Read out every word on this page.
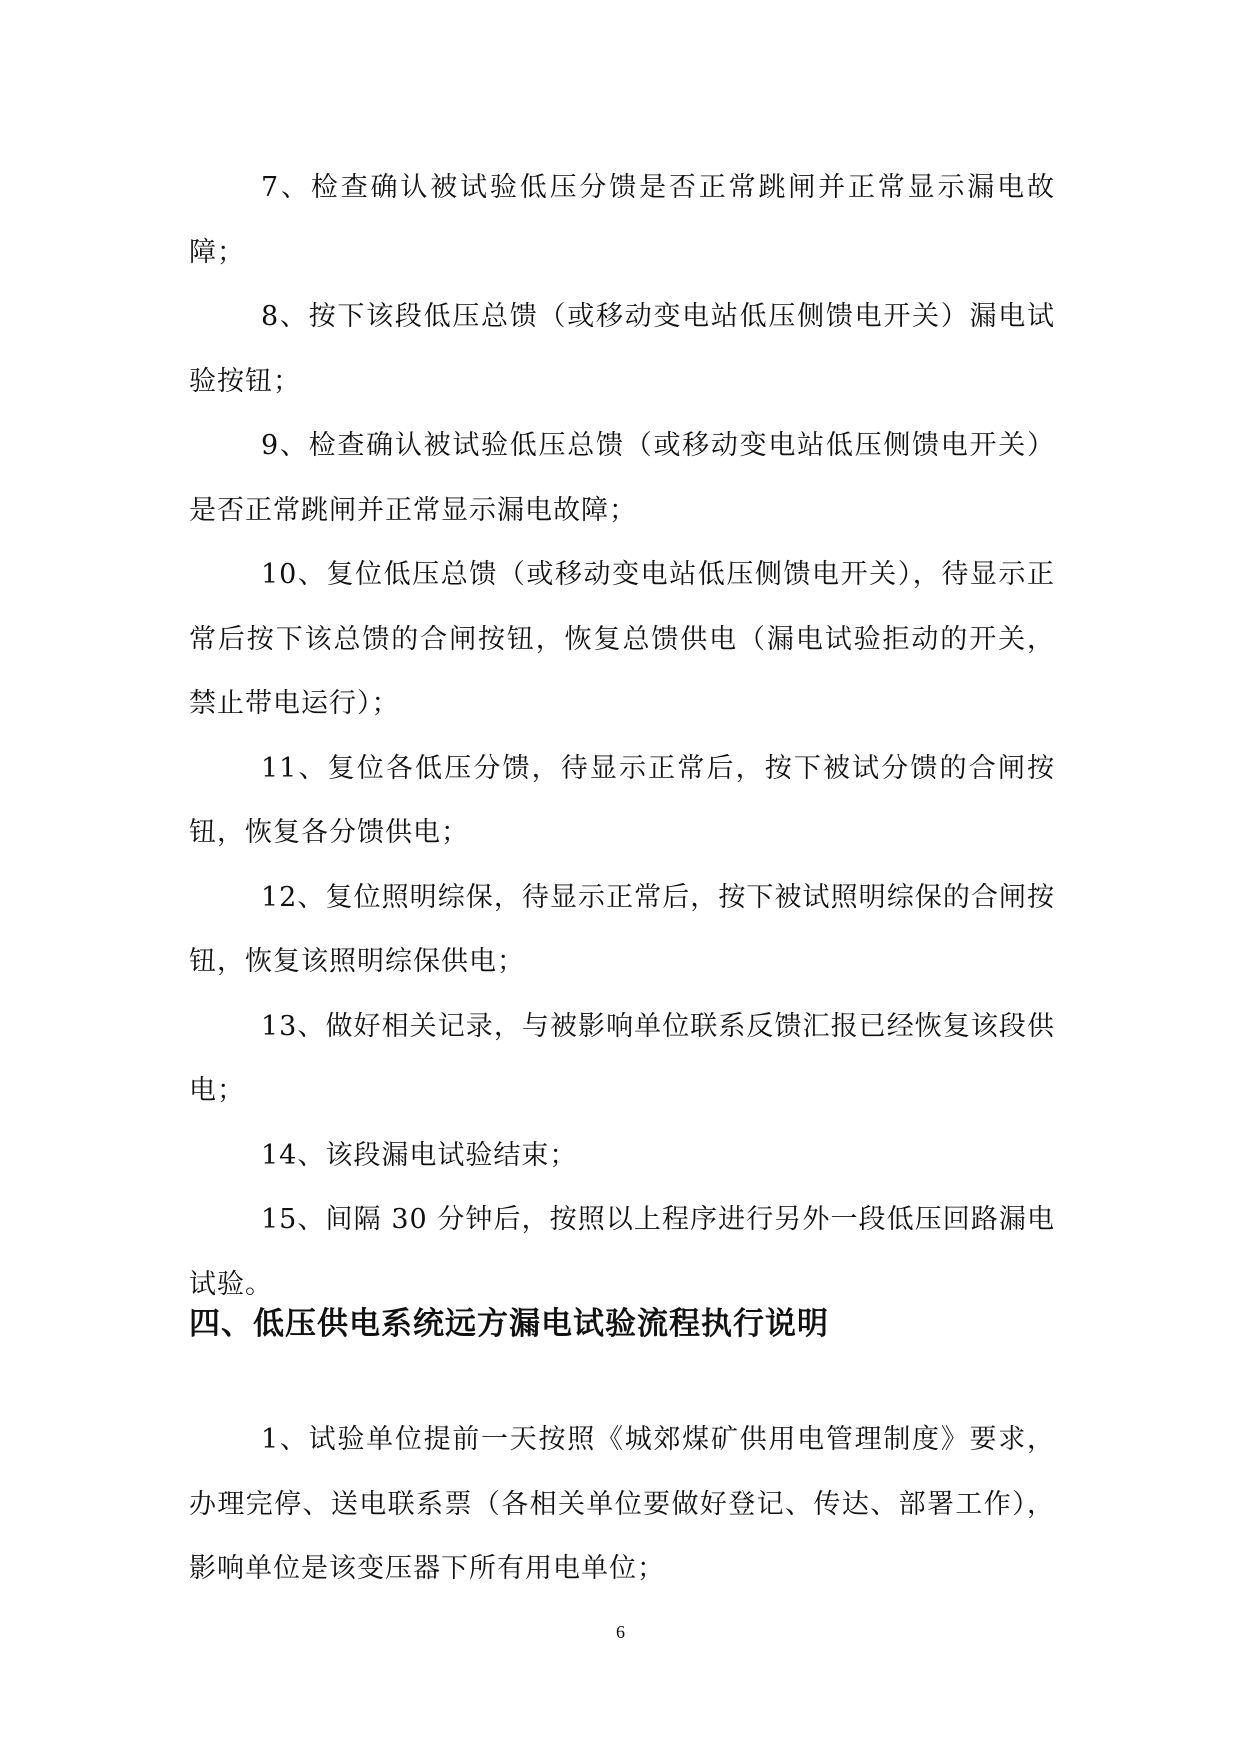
7、检查确认被试验低压分馈是否正常跳闸并正常显示漏电故障；

8、按下该段低压总馈（或移动变电站低压侧馈电开关）漏电试验按钮；

9、检查确认被试验低压总馈（或移动变电站低压侧馈电开关）是否正常跳闸并正常显示漏电故障；

10、复位低压总馈（或移动变电站低压侧馈电开关），待显示正常后按下该总馈的合闸按钮，恢复总馈供电（漏电试验拒动的开关，禁止带电运行）；

11、复位各低压分馈，待显示正常后，按下被试分馈的合闸按钮，恢复各分馈供电；

12、复位照明综保，待显示正常后，按下被试照明综保的合闸按钮，恢复该照明综保供电；

13、做好相关记录，与被影响单位联系反馈汇报已经恢复该段供电；

14、该段漏电试验结束；

15、间隔 30 分钟后，按照以上程序进行另外一段低压回路漏电试验。

四、低压供电系统远方漏电试验流程执行说明

1、试验单位提前一天按照《城郊煤矿供用电管理制度》要求，办理完停、送电联系票（各相关单位要做好登记、传达、部署工作），影响单位是该变压器下所有用电单位；

6
